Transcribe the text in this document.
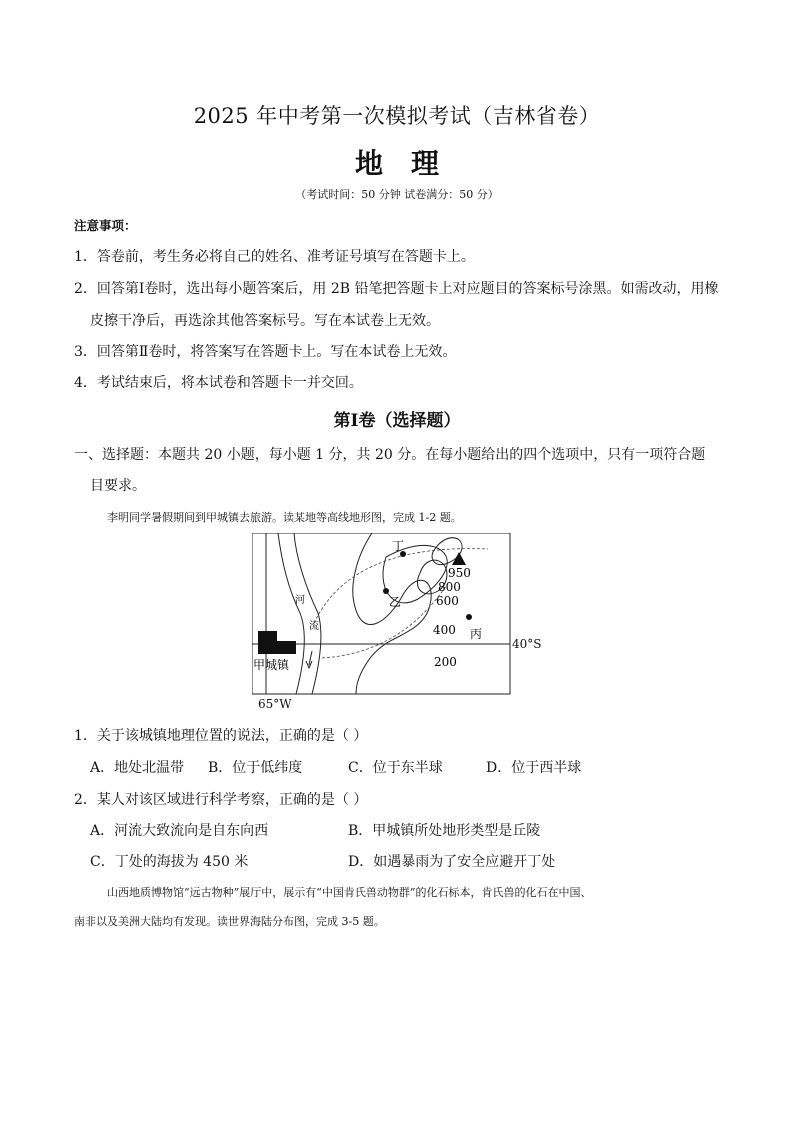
2025 年中考第一次模拟考试（吉林省卷）
地理
（考试时间：50 分钟 试卷满分：50 分）
注意事项：
1．答卷前，考生务必将自己的姓名、准考证号填写在答题卡上。
2．回答第Ⅰ卷时，选出每小题答案后，用 2B 铅笔把答题卡上对应题目的答案标号涂黑。如需改动，用橡
皮擦干净后，再选涂其他答案标号。写在本试卷上无效。
3．回答第Ⅱ卷时，将答案写在答题卡上。写在本试卷上无效。
4．考试结束后，将本试卷和答题卡一并交回。
第Ⅰ卷（选择题）
一、选择题：本题共 20 小题，每小题 1 分，共 20 分。在每小题给出的四个选项中，只有一项符合题
目要求。
李明同学暑假期间到甲城镇去旅游。读某地等高线地形图，完成 1-2 题。
丁
乙
丙
河
流
甲城镇
950
800
600
400
200
40°S
65°W
1．关于该城镇地理位置的说法，正确的是（ ）
A．地处北温带 B．位于低纬度	C．位于东半球	D．位于西半球
2．某人对该区域进行科学考察，正确的是（ ）
A．河流大致流向是自东向西	B．甲城镇所处地形类型是丘陵
C．丁处的海拔为 450 米	D．如遇暴雨为了安全应避开丁处
山西地质博物馆“远古物种”展厅中，展示有“中国肯氏兽动物群”的化石标本，肯氏兽的化石在中国、
南非以及美洲大陆均有发现。读世界海陆分布图，完成 3-5 题。
